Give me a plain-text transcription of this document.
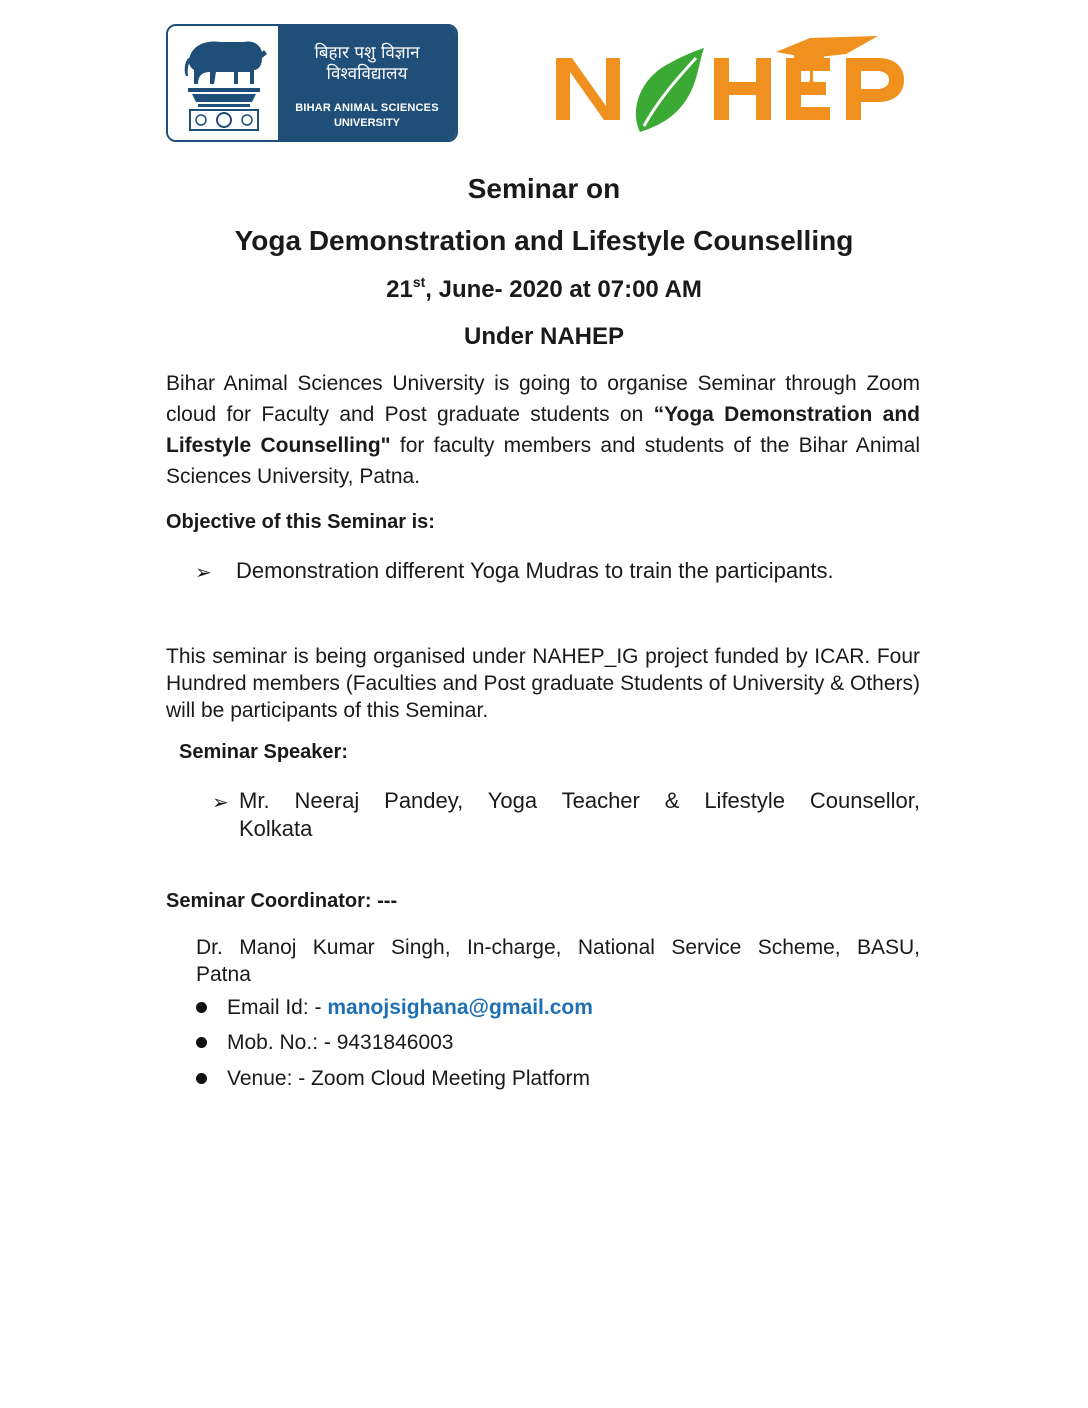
बिहार पशु विज्ञान
विश्वविद्यालय
BIHAR ANIMAL SCIENCES
UNIVERSITY
Seminar on
Yoga Demonstration and Lifestyle Counselling
21st, June- 2020 at 07:00 AM
Under NAHEP
Bihar Animal Sciences University is going to organise Seminar through Zoom cloud for Faculty and Post graduate students on “Yoga Demonstration and Lifestyle Counselling" for faculty members and students of the Bihar Animal Sciences University, Patna.
Objective of this Seminar is:
➢ Demonstration different Yoga Mudras to train the participants.
This seminar is being organised under NAHEP_IG project funded by ICAR. Four Hundred members (Faculties and Post graduate Students of University & Others) will be participants of this Seminar.
Seminar Speaker:
➢ Mr. Neeraj Pandey, Yoga Teacher & Lifestyle Counsellor,
Kolkata
Seminar Coordinator: ---
Dr. Manoj Kumar Singh, In-charge, National Service Scheme, BASU,
Patna
Email Id: - manojsighana@gmail.com
Mob. No.: - 9431846003
Venue: - Zoom Cloud Meeting Platform
